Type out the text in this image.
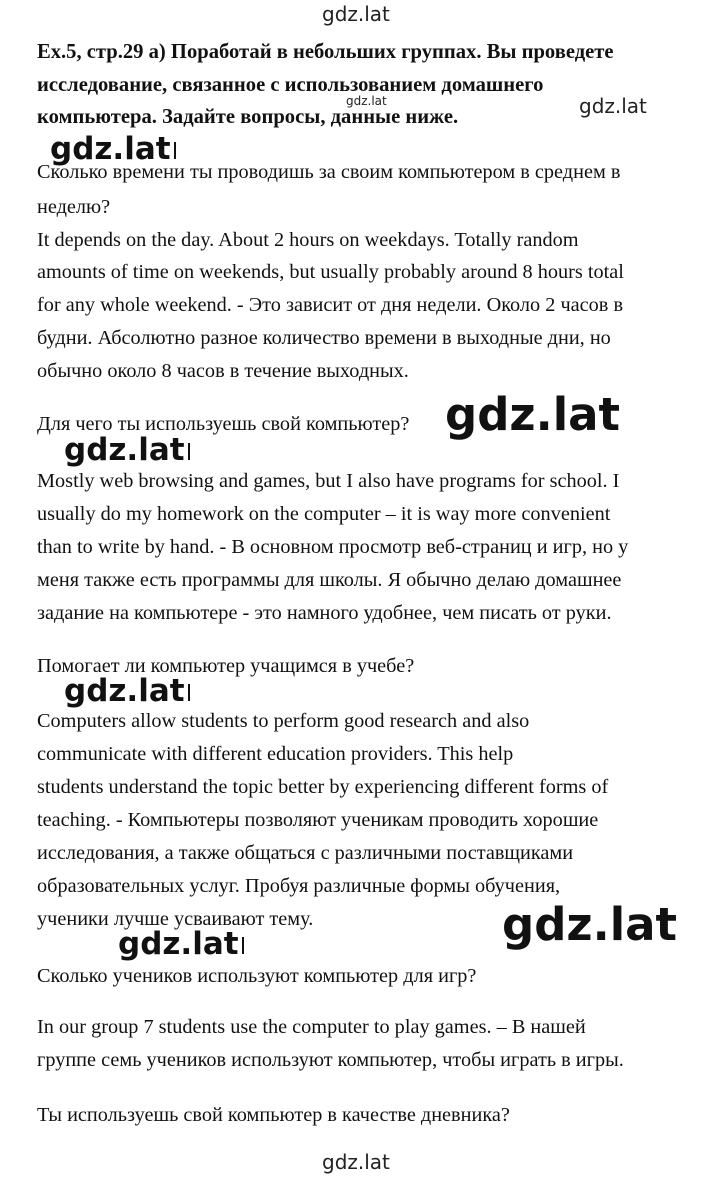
gdz.lat
gdz.lat	gdz.lat
gdz.lat
gdz.lat
gdz.lat
gdz.lat
gdz.lat
gdz.lat
gdz.lat
Ex.5, стр.29 a) Поработай в небольших группах. Вы проведете
исследование, связанное с использованием домашнего
компьютера. Задайте вопросы, данные ниже.
Сколько времени ты проводишь за своим компьютером в среднем в
неделю?
It depends on the day. About 2 hours on weekdays. Totally random
amounts of time on weekends, but usually probably around 8 hours total
for any whole weekend. - Это зависит от дня недели. Около 2 часов в
будни. Абсолютно разное количество времени в выходные дни, но
обычно около 8 часов в течение выходных.
Для чего ты используешь свой компьютер?
Mostly web browsing and games, but I also have programs for school. I
usually do my homework on the computer – it is way more convenient
than to write by hand. - В основном просмотр веб-страниц и игр, но у
меня также есть программы для школы. Я обычно делаю домашнее
задание на компьютере - это намного удобнее, чем писать от руки.
Помогает ли компьютер учащимся в учебе?
Computers allow students to perform good research and also
communicate with different education providers. This help
students understand the topic better by experiencing different forms of
teaching. - Компьютеры позволяют ученикам проводить хорошие
исследования, а также общаться с различными поставщиками
образовательных услуг. Пробуя различные формы обучения,
ученики лучше усваивают тему.
Сколько учеников используют компьютер для игр?
In our group 7 students use the computer to play games. – В нашей
группе семь учеников используют компьютер, чтобы играть в игры.
Ты используешь свой компьютер в качестве дневника?
